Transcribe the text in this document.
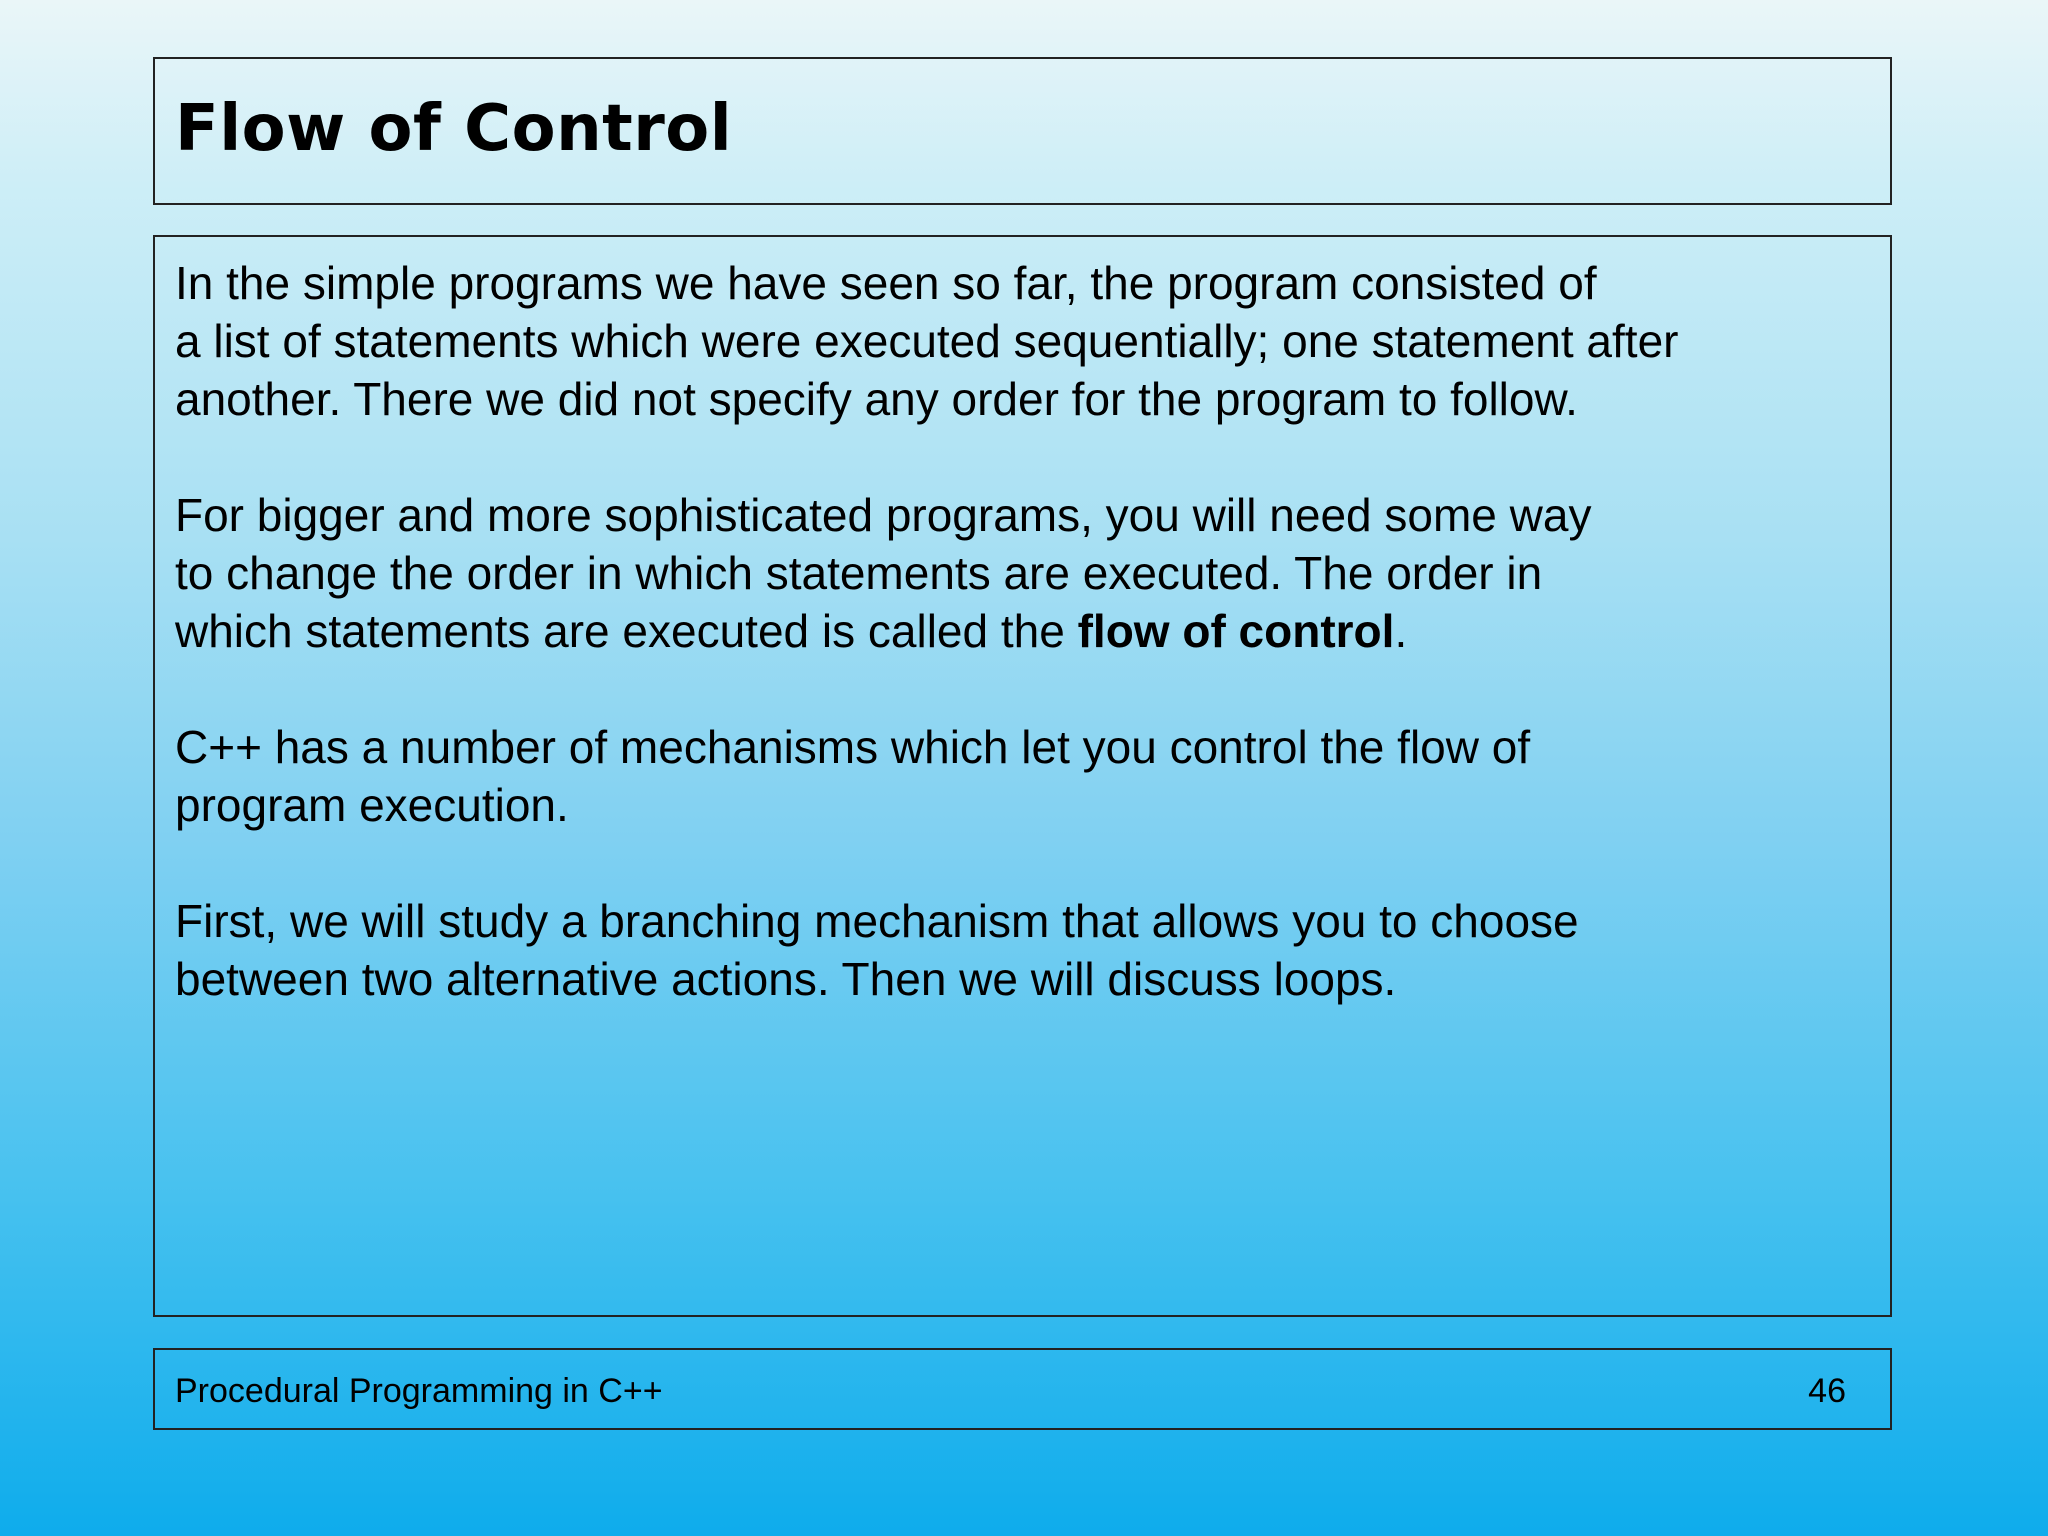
Flow of Control

In the simple programs we have seen so far, the program consisted of
a list of statements which were executed sequentially; one statement after
another. There we did not specify any order for the program to follow.

For bigger and more sophisticated programs, you will need some way
to change the order in which statements are executed. The order in
which statements are executed is called the flow of control.

C++ has a number of mechanisms which let you control the flow of
program execution.

First, we will study a branching mechanism that allows you to choose
between two alternative actions. Then we will discuss loops.

Procedural Programming in C++	46
